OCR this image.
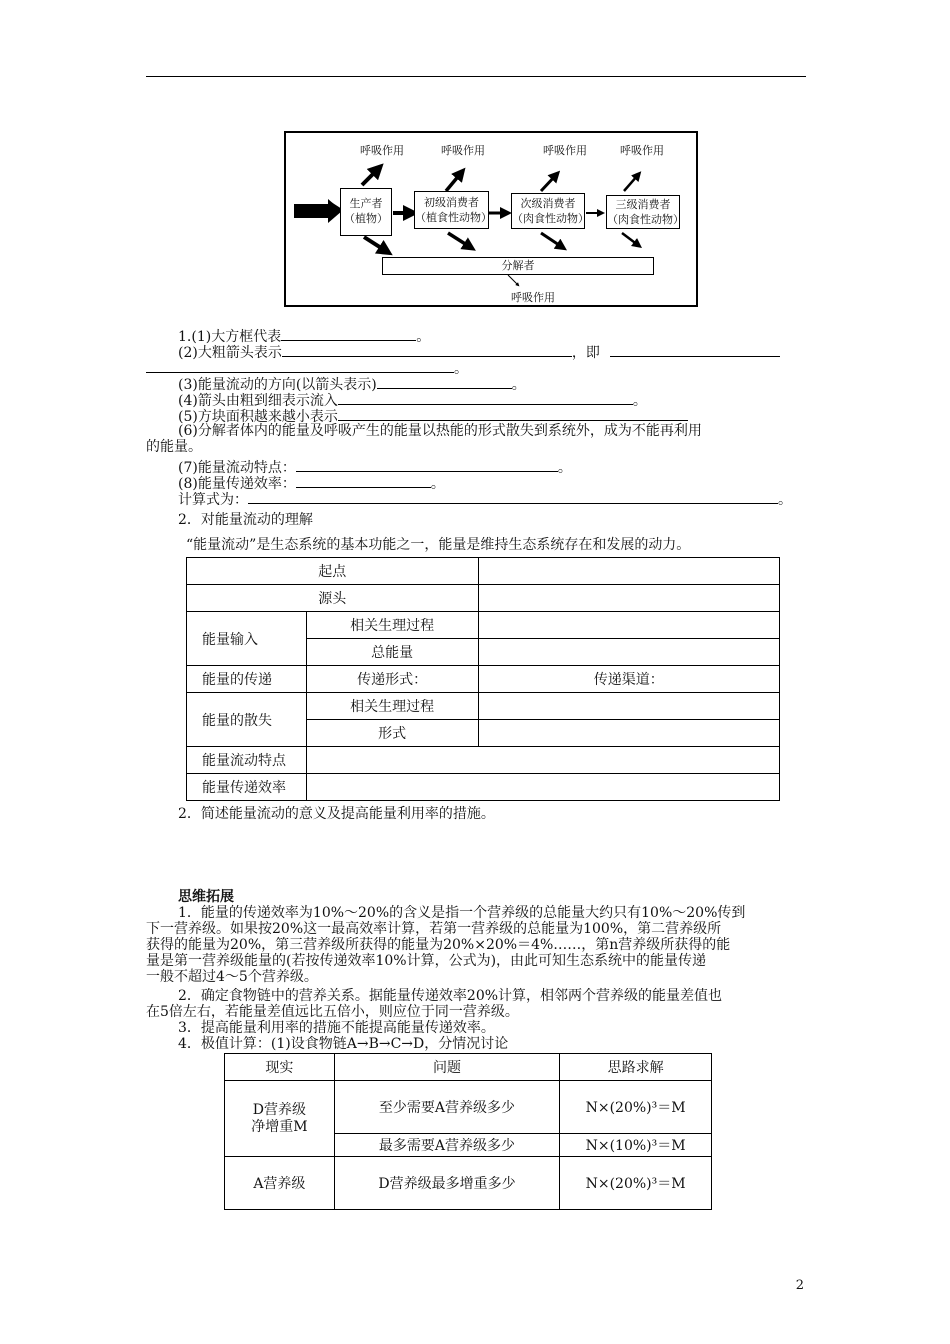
生产者
（植物）
初级消费者
（植食性动物）
次级消费者
（肉食性动物）
三级消费者
（肉食性动物）
分解者
呼吸作用	呼吸作用	呼吸作用	呼吸作用
呼吸作用
1.(1)大方框代表	。
(2)大粗箭头表示	，即
。
(3)能量流动的方向(以箭头表示)	。
(4)箭头由粗到细表示流入	。
(5)方块面积越来越小表示
(6)分解者体内的能量及呼吸产生的能量以热能的形式散失到系统外，成为不能再利用
的能量。
(7)能量流动特点：	。
(8)能量传递效率：	。
计算式为：	。
2．对能量流动的理解
“能量流动”是生态系统的基本功能之一，能量是维持生态系统存在和发展的动力。
起点		
源头		
能量输入	相关生理过程	
	总能量	
能量的传递	传递形式：	传递渠道：
能量的散失	相关生理过程	
	形式	
能量流动特点		
能量传递效率		
2．简述能量流动的意义及提高能量利用率的措施。
思维拓展
1．能量的传递效率为10%～20%的含义是指一个营养级的总能量大约只有10%～20%传到
下一营养级。如果按20%这一最高效率计算，若第一营养级的总能量为100%，第二营养级所
获得的能量为20%，第三营养级所获得的能量为20%×20%＝4%……，第n营养级所获得的能
量是第一营养级能量的(若按传递效率10%计算，公式为)，由此可知生态系统中的能量传递
一般不超过4～5个营养级。
2．确定食物链中的营养关系。据能量传递效率20%计算，相邻两个营养级的能量差值也
在5倍左右，若能量差值远比五倍小，则应位于同一营养级。
3．提高能量利用率的措施不能提高能量传递效率。
4．极值计算：(1)设食物链A→B→C→D，分情况讨论
现实	问题	思路求解

D营养级
净增重M	至少需要A营养级多少	N×(20%)³＝M
	最多需要A营养级多少	N×(10%)³＝M
A营养级	D营养级最多增重多少	N×(20%)³＝M
2
